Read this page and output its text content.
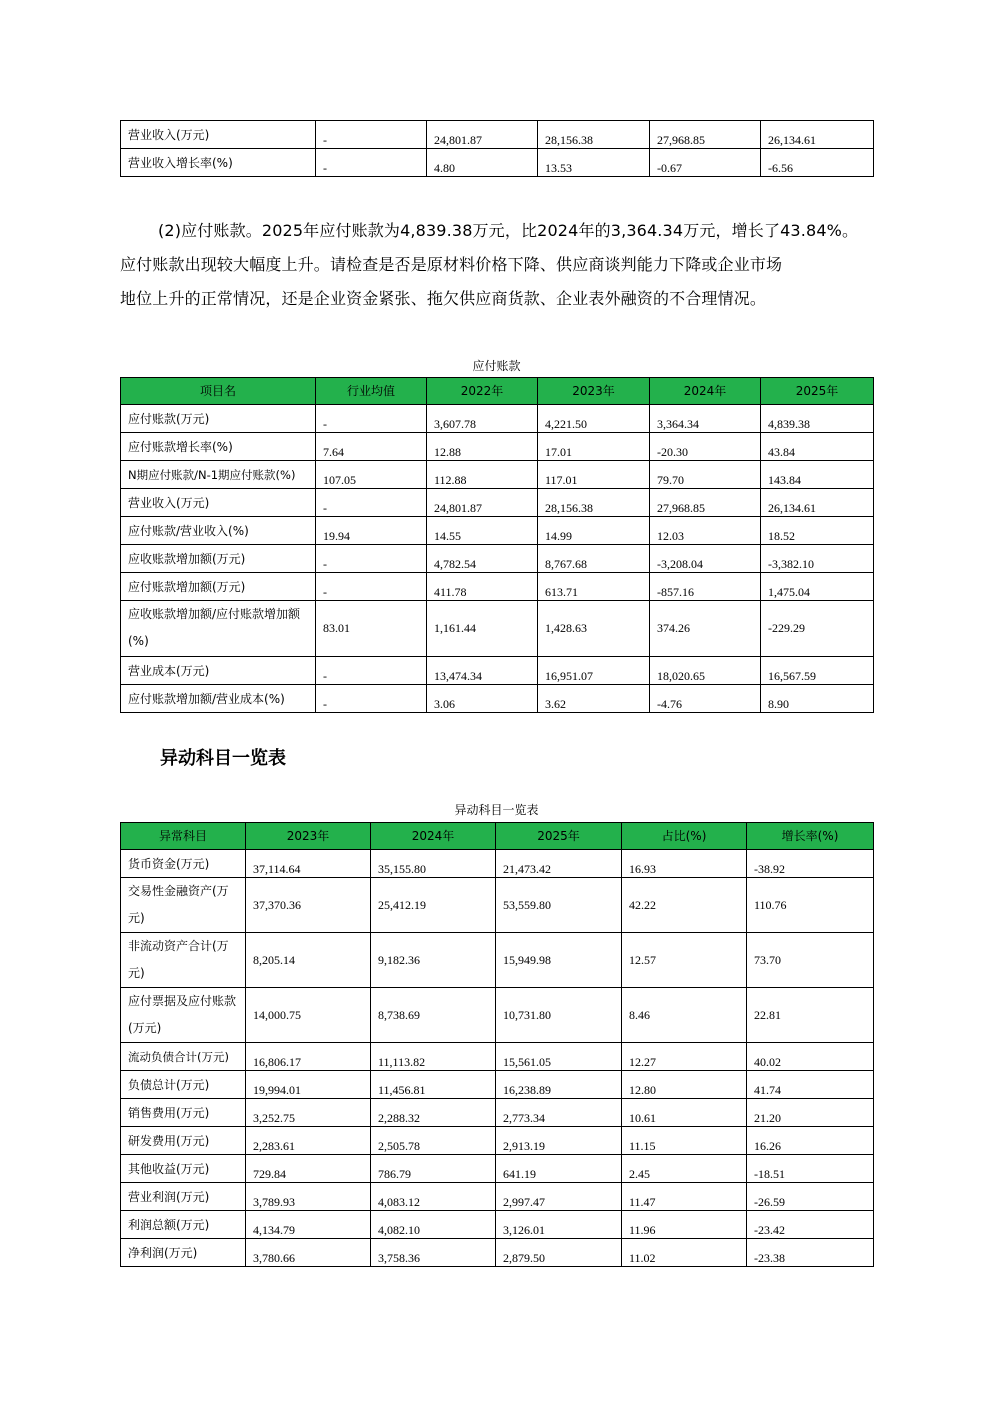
营业收入(万元)	-	24,801.87	28,156.38	27,968.85	26,134.61
营业收入增长率(%)	-	4.80	13.53	-0.67	-6.56

(2)应付账款。2025年应付账款为4,839.38万元，比2024年的3,364.34万元，增长了43.84%。

应付账款出现较大幅度上升。请检查是否是原材料价格下降、供应商谈判能力下降或企业市场

地位上升的正常情况，还是企业资金紧张、拖欠供应商货款、企业表外融资的不合理情况。

应付账款
项目名	行业均值	2022年	2023年	2024年	2025年
应付账款(万元)	-	3,607.78	4,221.50	3,364.34	4,839.38
应付账款增长率(%)	7.64	12.88	17.01	-20.30	43.84
N期应付账款/N-1期应付账款(%)	107.05	112.88	117.01	79.70	143.84
营业收入(万元)	-	24,801.87	28,156.38	27,968.85	26,134.61
应付账款/营业收入(%)	19.94	14.55	14.99	12.03	18.52
应收账款增加额(万元)	-	4,782.54	8,767.68	-3,208.04	-3,382.10
应付账款增加额(万元)	-	411.78	613.71	-857.16	1,475.04
应收账款增加额/应付账款增加额(%)	83.01	1,161.44	1,428.63	374.26	-229.29
营业成本(万元)	-	13,474.34	16,951.07	18,020.65	16,567.59
应付账款增加额/营业成本(%)	-	3.06	3.62	-4.76	8.90
异动科目一览表
异动科目一览表
异常科目	2023年	2024年	2025年	占比(%)	增长率(%)
货币资金(万元)	37,114.64	35,155.80	21,473.42	16.93	-38.92
交易性金融资产(万元)	37,370.36	25,412.19	53,559.80	42.22	110.76
非流动资产合计(万元)	8,205.14	9,182.36	15,949.98	12.57	73.70
应付票据及应付账款(万元)	14,000.75	8,738.69	10,731.80	8.46	22.81
流动负债合计(万元)	16,806.17	11,113.82	15,561.05	12.27	40.02
负债总计(万元)	19,994.01	11,456.81	16,238.89	12.80	41.74
销售费用(万元)	3,252.75	2,288.32	2,773.34	10.61	21.20
研发费用(万元)	2,283.61	2,505.78	2,913.19	11.15	16.26
其他收益(万元)	729.84	786.79	641.19	2.45	-18.51
营业利润(万元)	3,789.93	4,083.12	2,997.47	11.47	-26.59
利润总额(万元)	4,134.79	4,082.10	3,126.01	11.96	-23.42
净利润(万元)	3,780.66	3,758.36	2,879.50	11.02	-23.38
